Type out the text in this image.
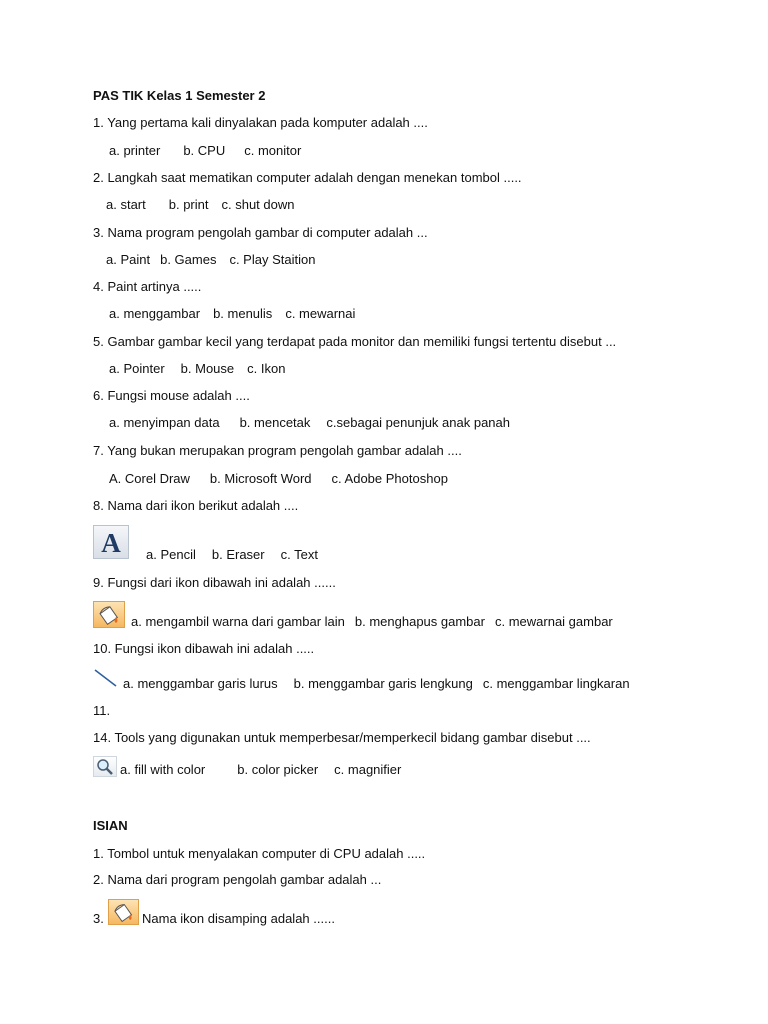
PAS TIK Kelas 1 Semester 2
1. Yang pertama kali dinyalakan pada komputer adalah ....
a. printer b. CPU c. monitor
2. Langkah saat mematikan computer adalah dengan menekan tombol .....
a. start b. print c. shut down
3. Nama program pengolah gambar di computer adalah ...
a. Paint b. Games c. Play Staition
4. Paint artinya .....
a. menggambar b. menulis c. mewarnai
5. Gambar gambar kecil yang terdapat pada monitor dan memiliki fungsi tertentu disebut ...
a. Pointer b. Mouse c. Ikon
6. Fungsi mouse adalah ....
a. menyimpan data b. mencetak c.sebagai penunjuk anak panah
7. Yang bukan merupakan program pengolah gambar adalah ....
A. Corel Draw b. Microsoft Word c. Adobe Photoshop
8. Nama dari ikon berikut adalah ....
A	a. Pencil b. Eraser c. Text
9. Fungsi dari ikon dibawah ini adalah ......
a. mengambil warna dari gambar lain b. menghapus gambar c. mewarnai gambar
10. Fungsi ikon dibawah ini adalah .....
a. menggambar garis lurus b. menggambar garis lengkung c. menggambar lingkaran
11.
14. Tools yang digunakan untuk memperbesar/memperkecil bidang gambar disebut ....
a. fill with color b. color picker c. magnifier
ISIAN
1. Tombol untuk menyalakan computer di CPU adalah .....
2. Nama dari program pengolah gambar adalah ...
3.	Nama ikon disamping adalah ......
